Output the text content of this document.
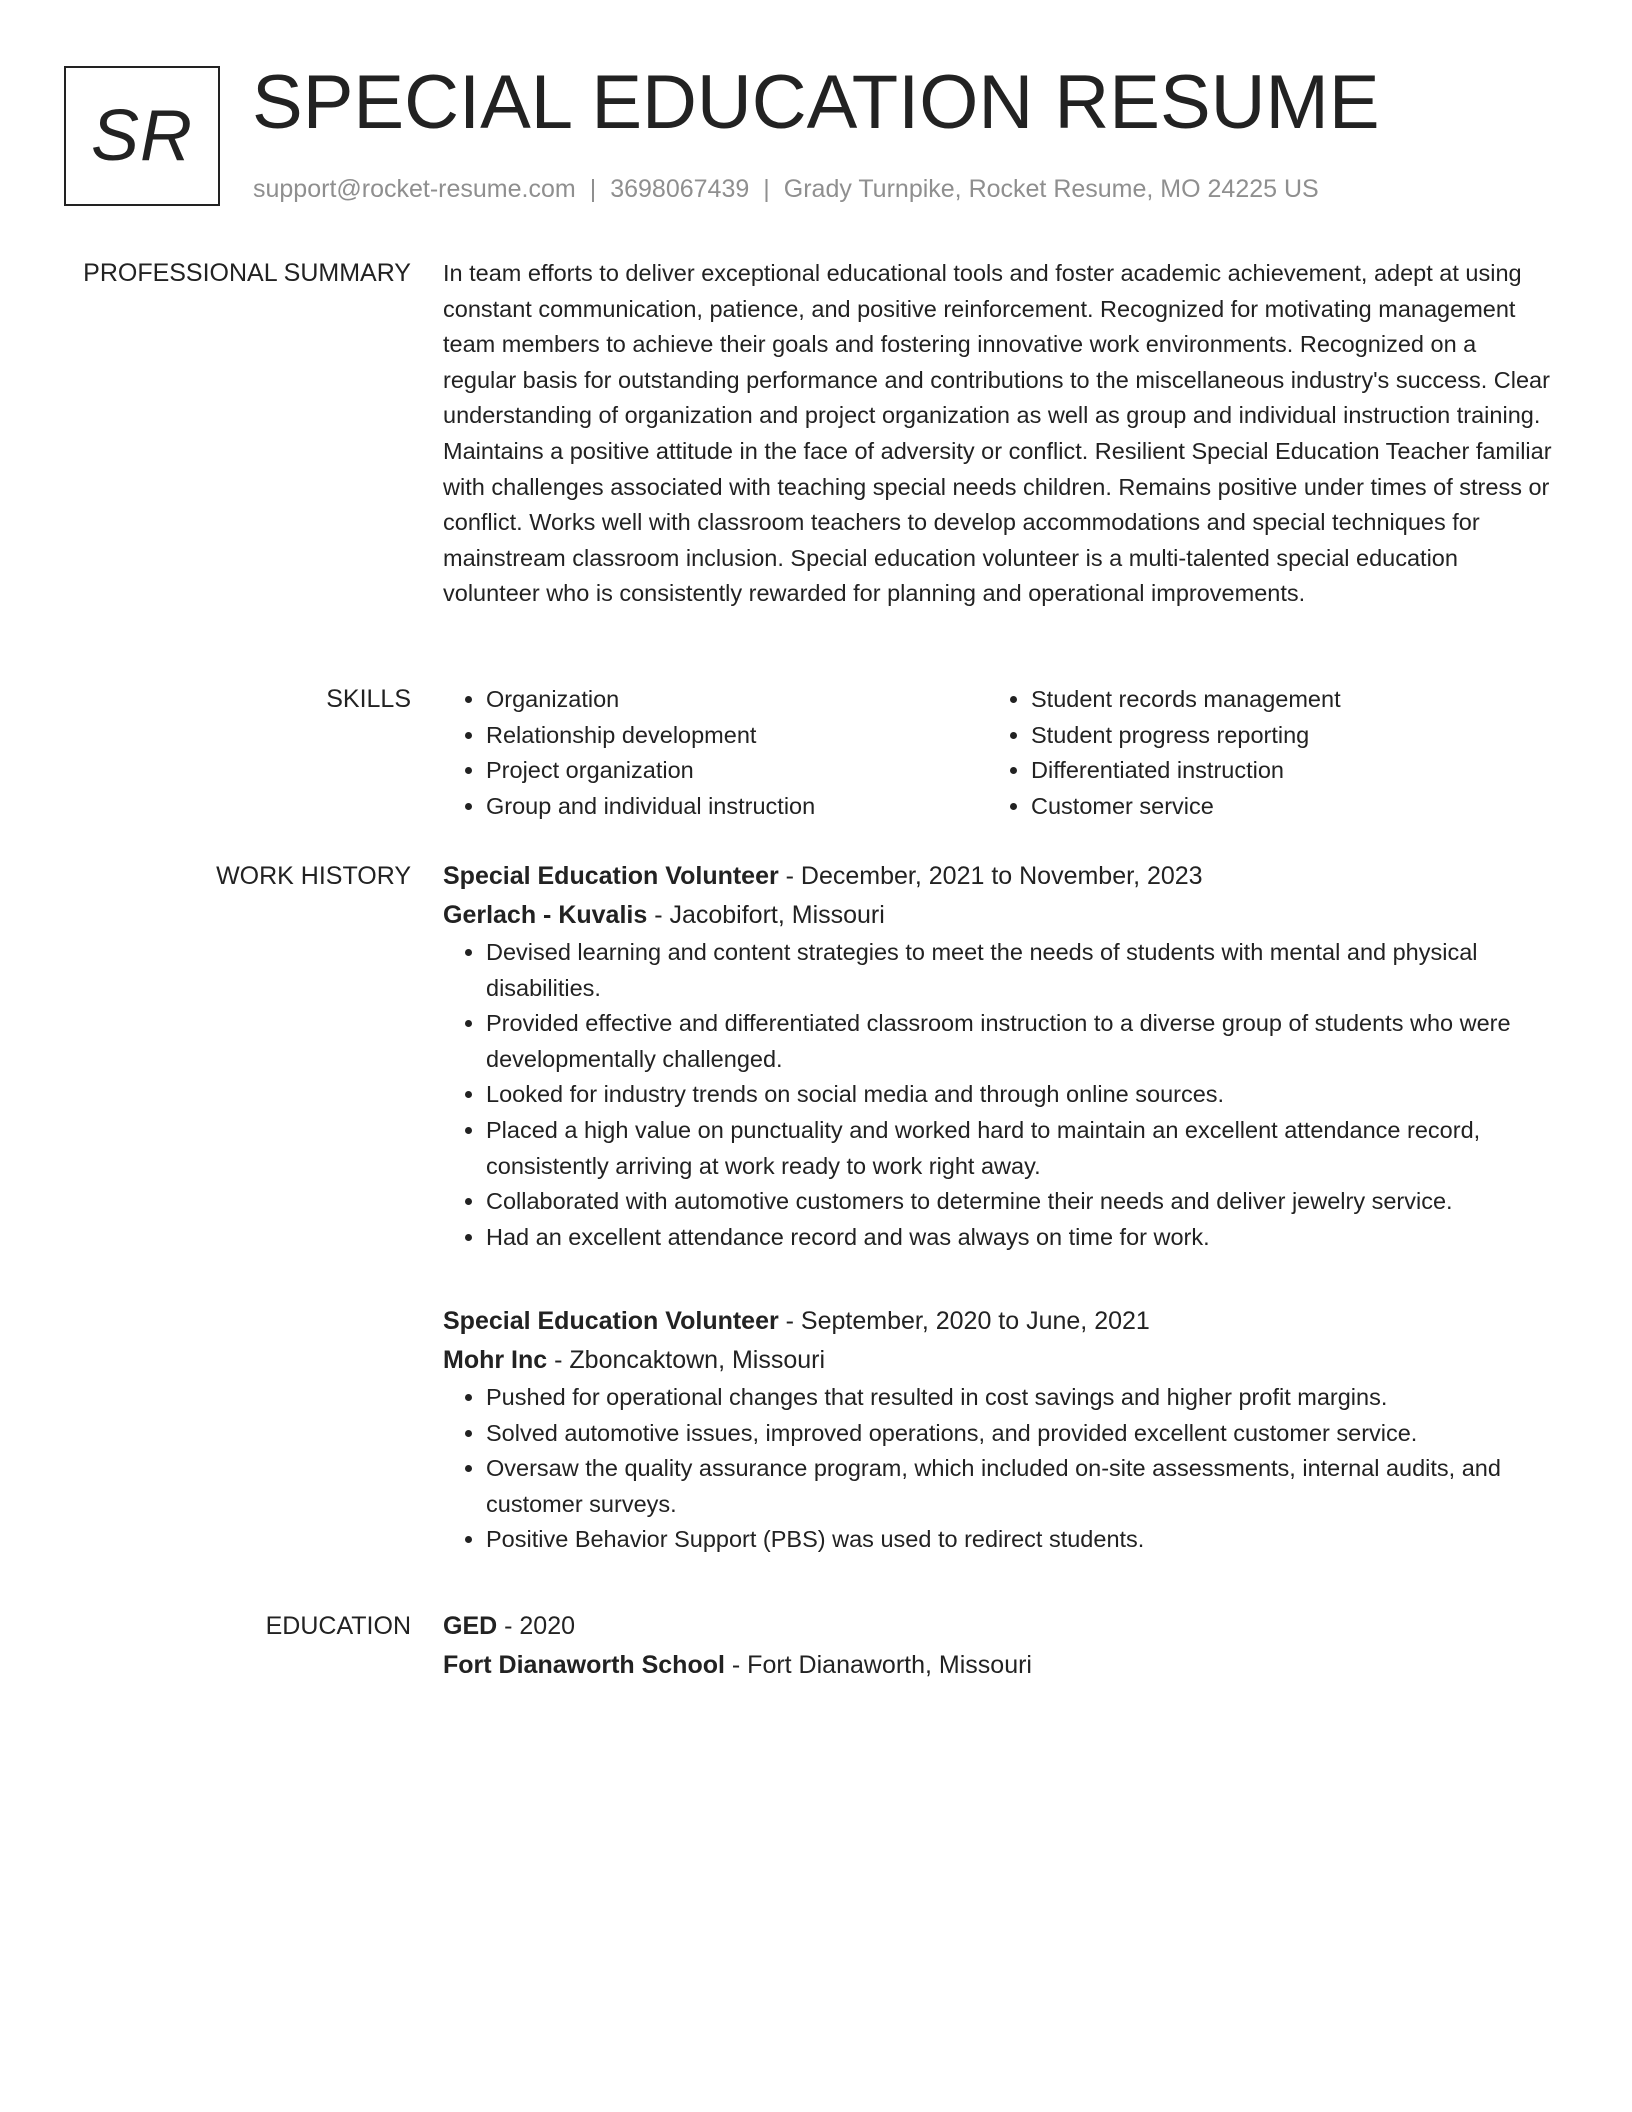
SR SPECIAL EDUCATION RESUME
support@rocket-resume.com | 3698067439 | Grady Turnpike, Rocket Resume, MO 24225 US
PROFESSIONAL SUMMARY In team efforts to deliver exceptional educational tools and foster academic achievement, adept at using constant communication, patience, and positive reinforcement. Recognized for motivating management team members to achieve their goals and fostering innovative work environments. Recognized on a regular basis for outstanding performance and contributions to the miscellaneous industry's success. Clear understanding of organization and project organization as well as group and individual instruction training. Maintains a positive attitude in the face of adversity or conflict. Resilient Special Education Teacher familiar with challenges associated with teaching special needs children. Remains positive under times of stress or conflict. Works well with classroom teachers to develop accommodations and special techniques for mainstream classroom inclusion. Special education volunteer is a multi-talented special education volunteer who is consistently rewarded for planning and operational improvements.

SKILLS
•	Organization
• Relationship development
• Project organization
• Group and individual instruction
• Student records management
• Student progress reporting
• Differentiated instruction
• Customer service
WORK HISTORY Special Education Volunteer - December, 2021 to November, 2023
Gerlach - Kuvalis - Jacobifort, Missouri
• Devised learning and content strategies to meet the needs of students with mental and physical disabilities.
• Provided effective and differentiated classroom instruction to a diverse group of students who were developmentally challenged.
• Looked for industry trends on social media and through online sources.
• Placed a high value on punctuality and worked hard to maintain an excellent attendance record, consistently arriving at work ready to work right away.
• Collaborated with automotive customers to determine their needs and deliver jewelry service.
• Had an excellent attendance record and was always on time for work.
Special Education Volunteer - September, 2020 to June, 2021
Mohr Inc - Zboncaktown, Missouri
• Pushed for operational changes that resulted in cost savings and higher profit margins.
• Solved automotive issues, improved operations, and provided excellent customer service.
• Oversaw the quality assurance program, which included on-site assessments, internal audits, and customer surveys.
• Positive Behavior Support (PBS) was used to redirect students.
EDUCATION GED - 2020
Fort Dianaworth School - Fort Dianaworth, Missouri
